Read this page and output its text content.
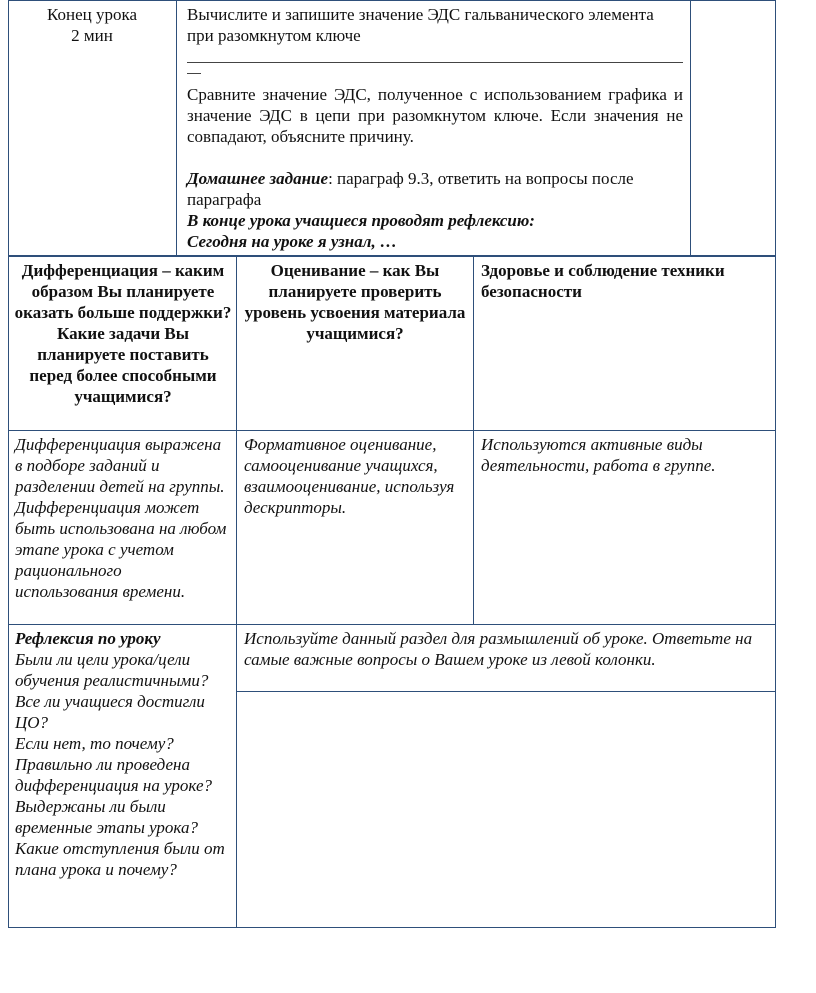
Конец урока

2 мин

Вычислите и запишите значение ЭДС гальванического элемента при разомкнутом ключе

Сравните значение ЭДС, полученное с использованием графика и значение ЭДС в цепи при разомкнутом ключе. Если значения не совпадают, объясните причину.

Домашнее задание: параграф 9.3, ответить на вопросы после параграфа

В конце урока учащиеся проводят рефлексию:

Сегодня на уроке я узнал, …

Дифференциация – каким образом Вы планируете оказать больше поддержки? Какие задачи Вы планируете поставить перед более способными учащимися?
Оценивание – как Вы планируете проверить уровень усвоения материала учащимися?
Здоровье и соблюдение техники безопасности
Дифференциация выражена в подборе заданий и разделении детей на группы. Дифференциация может быть использована на любом этапе урока с учетом рационального использования времени.
Формативное оценивание, самооценивание учащихся, взаимооценивание, используя дескрипторы.
Используются активные виды деятельности, работа в группе.

Рефлексия по уроку

Были ли цели урока/цели обучения реалистичными?

Все ли учащиеся достигли ЦО?

Если нет, то почему?

Правильно ли проведена дифференциация на уроке?

Выдержаны ли были временные этапы урока?

Какие отступления были от плана урока и почему?

Используйте данный раздел для размышлений об уроке. Ответьте на самые важные вопросы о Вашем уроке из левой колонки.
